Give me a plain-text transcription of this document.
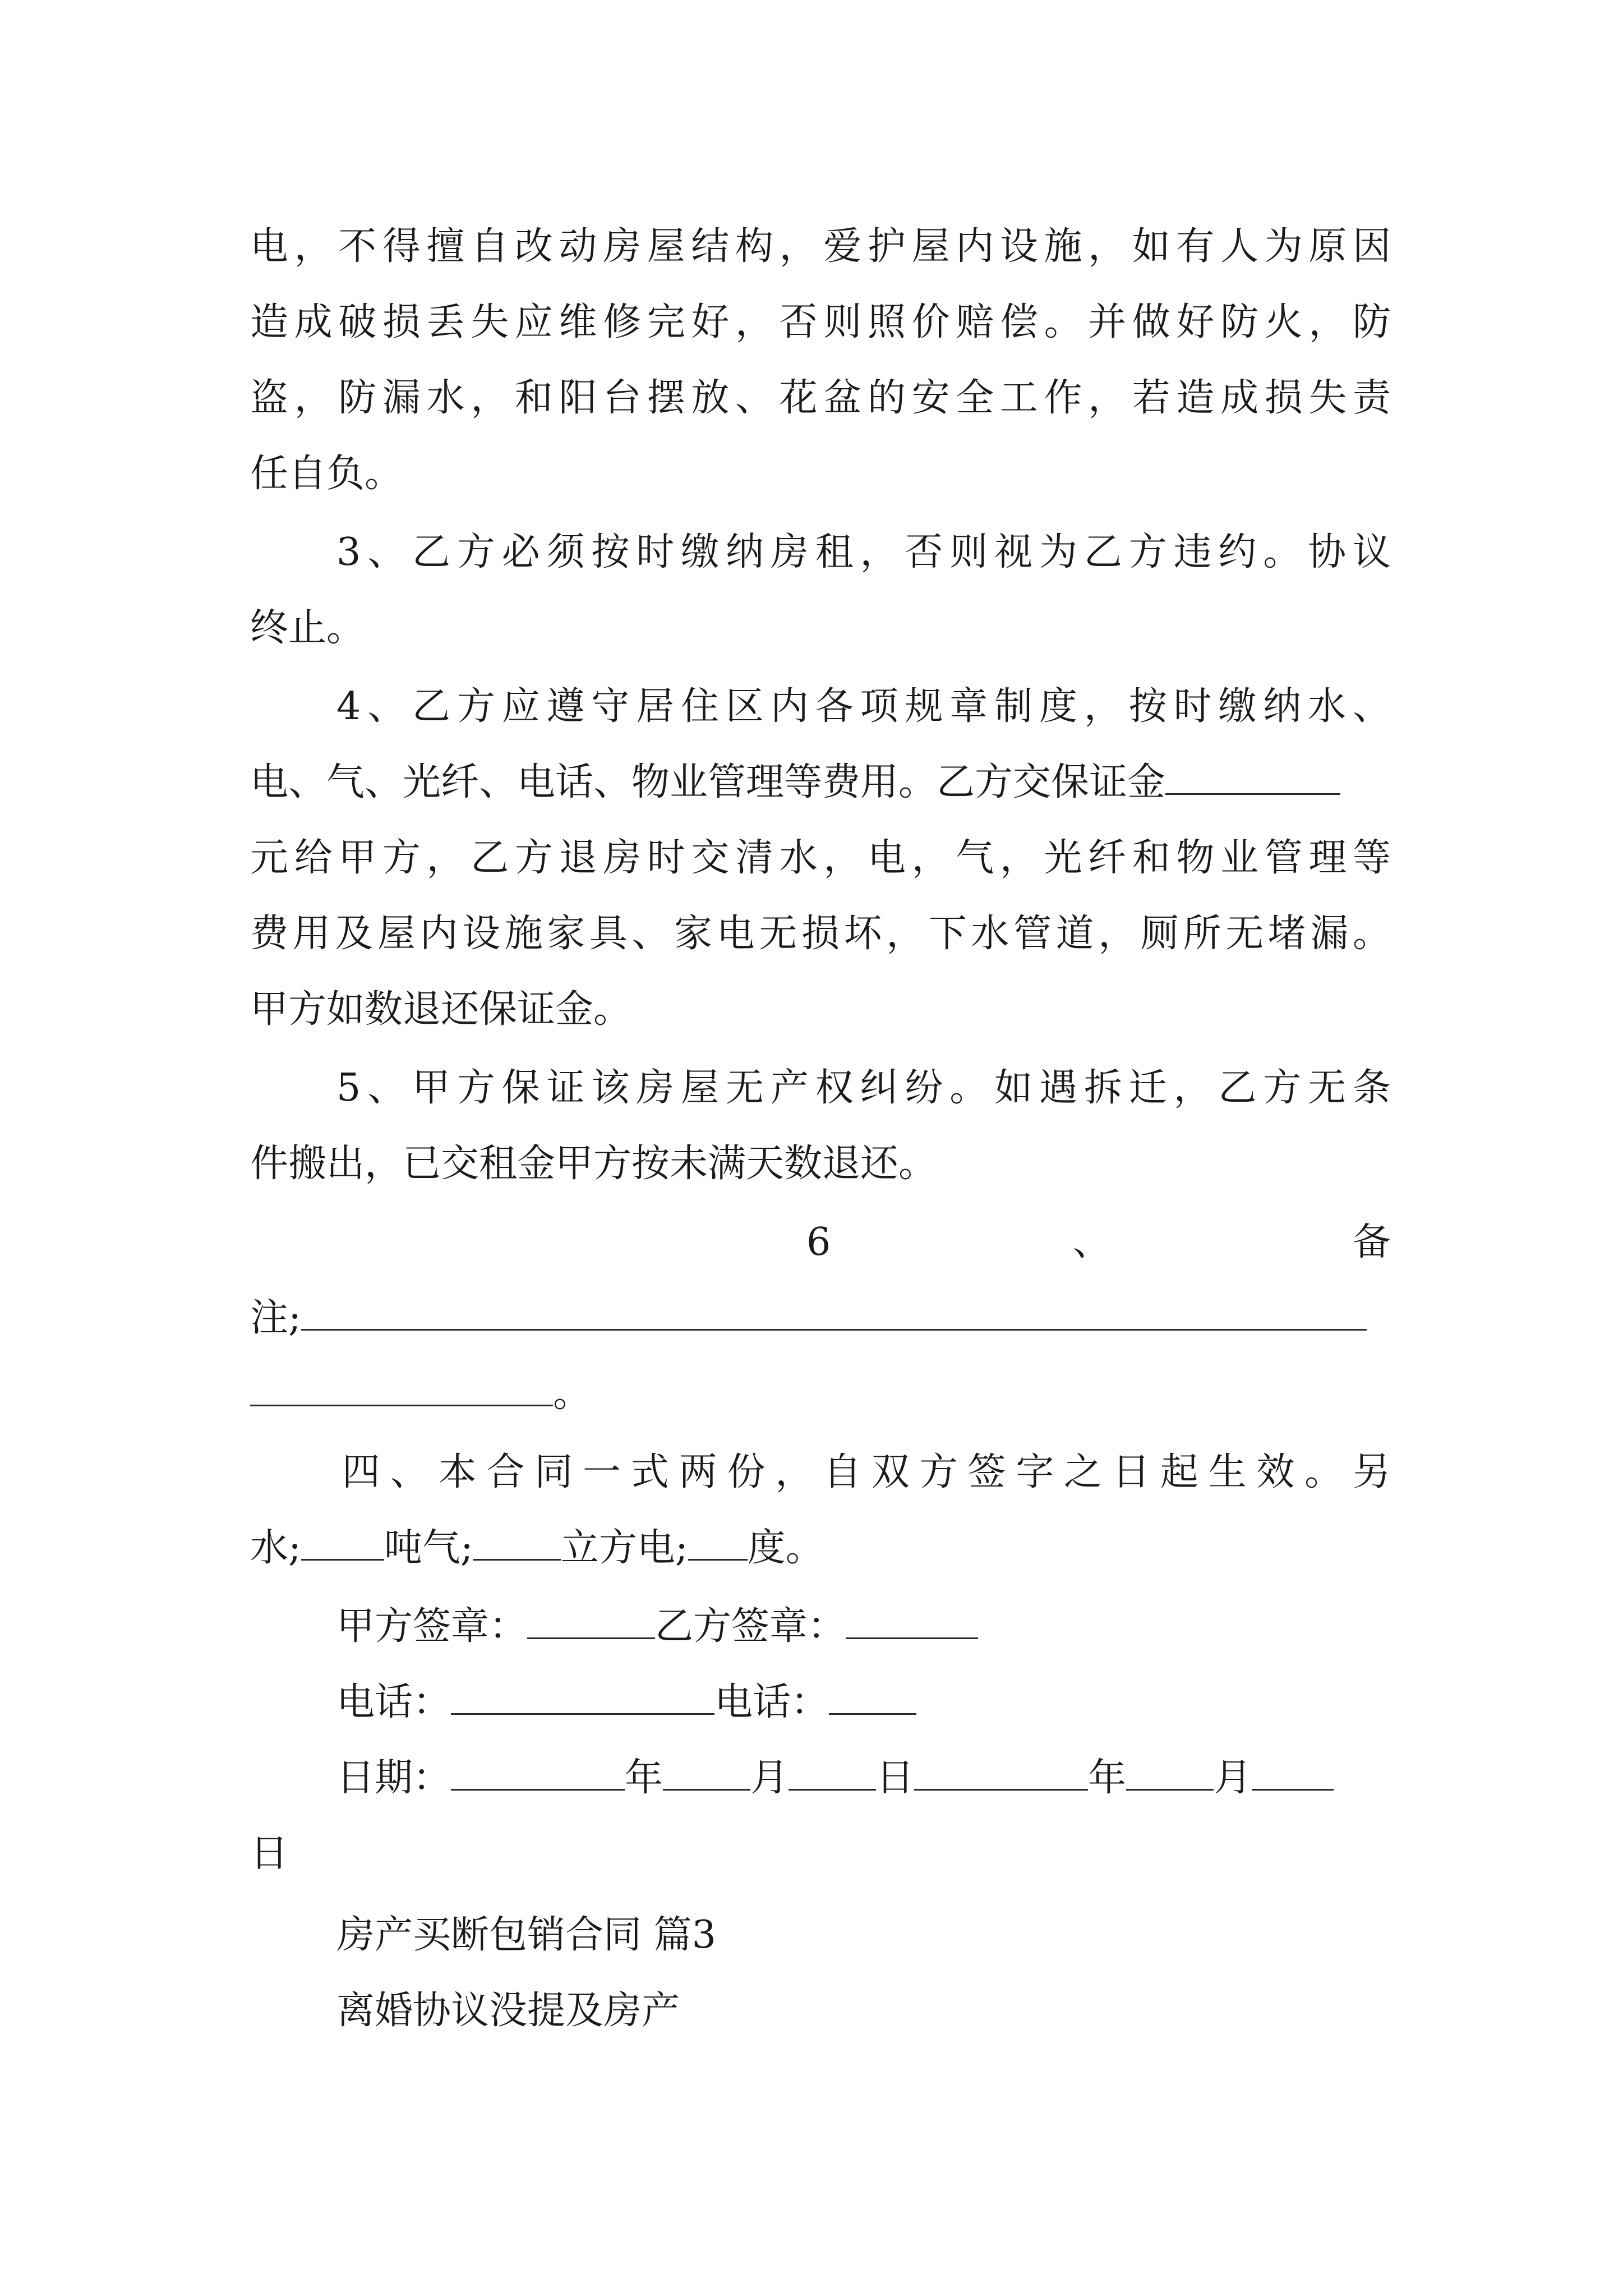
电，不得擅自改动房屋结构，爱护屋内设施，如有人为原因
造成破损丢失应维修完好，否则照价赔偿。并做好防火，防
盗，防漏水，和阳台摆放、花盆的安全工作，若造成损失责
任自负。
3、乙方必须按时缴纳房租，否则视为乙方违约。协议
终止。
4、乙方应遵守居住区内各项规章制度，按时缴纳水、
电、气、光纤、电话、物业管理等费用。乙方交保证金
元给甲方，乙方退房时交清水，电，气，光纤和物业管理等
费用及屋内设施家具、家电无损坏，下水管道，厕所无堵漏。
甲方如数退还保证金。
5、甲方保证该房屋无产权纠纷。如遇拆迁，乙方无条
件搬出，已交租金甲方按未满天数退还。
6	、	备
注;
。
四、本合同一式两份，自双方签字之日起生效。另
水; 吨气; 立方电; 度。
甲方签章：	乙方签章：
电话：	电话：
日期：	年 月 日	年 月
日
房产买断包销合同 篇3
离婚协议没提及房产
